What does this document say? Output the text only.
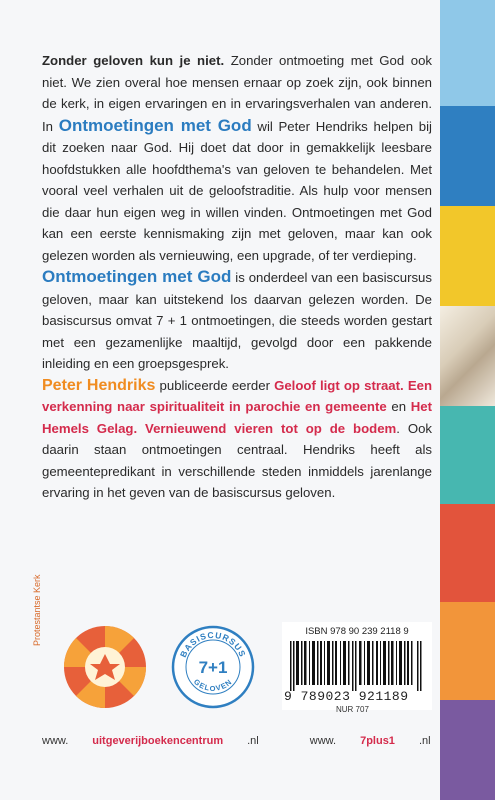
Zonder geloven kun je niet. Zonder ontmoeting met God ook niet. We zien overal hoe mensen ernaar op zoek zijn, ook binnen de kerk, in eigen ervaringen en in ervaringsverhalen van anderen. In Ontmoetingen met God wil Peter Hendriks helpen bij dit zoeken naar God. Hij doet dat door in gemakkelijk leesbare hoofdstukken alle hoofdthema's van geloven te behandelen. Met vooral veel verhalen uit de geloofstraditie. Als hulp voor mensen die daar hun eigen weg in willen vinden. Ontmoetingen met God kan een eerste kennismaking zijn met geloven, maar kan ook gelezen worden als vernieuwing, een upgrade, of ter verdieping.

Ontmoetingen met God is onderdeel van een basiscursus geloven, maar kan uitstekend los daarvan gelezen worden. De basiscursus omvat 7 + 1 ontmoetingen, die steeds worden gestart met een gezamenlijke maaltijd, gevolgd door een pakkende inleiding en een groepsgesprek.

Peter Hendriks publiceerde eerder Geloof ligt op straat. Een verkenning naar spiritualiteit in parochie en gemeente en Het Hemels Gelag. Vernieuwend vieren tot op de bodem. Ook daarin staan ontmoetingen centraal. Hendriks heeft als gemeentepredikant in verschillende steden inmiddels jarenlange ervaring in het geven van de basiscursus geloven.

Protestantse Kerk
BASISCURSUS
GELOVEN
7+1
ISBN 978 90 239 2118 9
9 789023 921189
NUR 707
www. uitgeverijboekencentrum .nl	www. 7plus1 .nl
